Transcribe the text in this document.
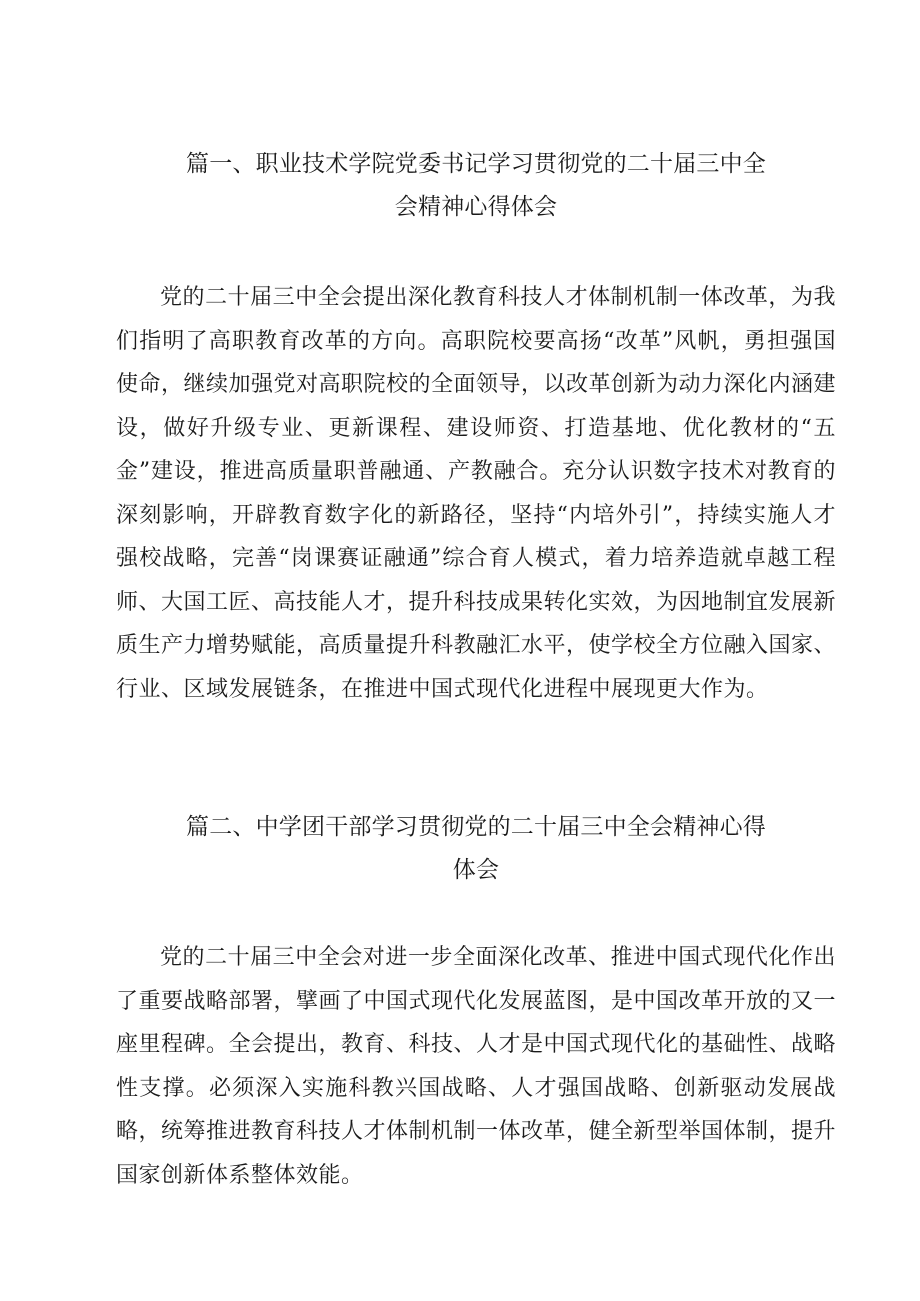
篇一、职业技术学院党委书记学习贯彻党的二十届三中全
会精神心得体会

党的二十届三中全会提出深化教育科技人才体制机制一体改革，为我们指明了高职教育改革的方向。高职院校要高扬“改革”风帆，勇担强国使命，继续加强党对高职院校的全面领导，以改革创新为动力深化内涵建设，做好升级专业、更新课程、建设师资、打造基地、优化教材的“五金”建设，推进高质量职普融通、产教融合。充分认识数字技术对教育的深刻影响，开辟教育数字化的新路径，坚持“内培外引”，持续实施人才强校战略，完善“岗课赛证融通”综合育人模式，着力培养造就卓越工程师、大国工匠、高技能人才，提升科技成果转化实效，为因地制宜发展新质生产力增势赋能，高质量提升科教融汇水平，使学校全方位融入国家、行业、区域发展链条，在推进中国式现代化进程中展现更大作为。

篇二、中学团干部学习贯彻党的二十届三中全会精神心得
体会

党的二十届三中全会对进一步全面深化改革、推进中国式现代化作出了重要战略部署，擘画了中国式现代化发展蓝图，是中国改革开放的又一座里程碑。全会提出，教育、科技、人才是中国式现代化的基础性、战略性支撑。必须深入实施科教兴国战略、人才强国战略、创新驱动发展战略，统筹推进教育科技人才体制机制一体改革，健全新型举国体制，提升国家创新体系整体效能。
